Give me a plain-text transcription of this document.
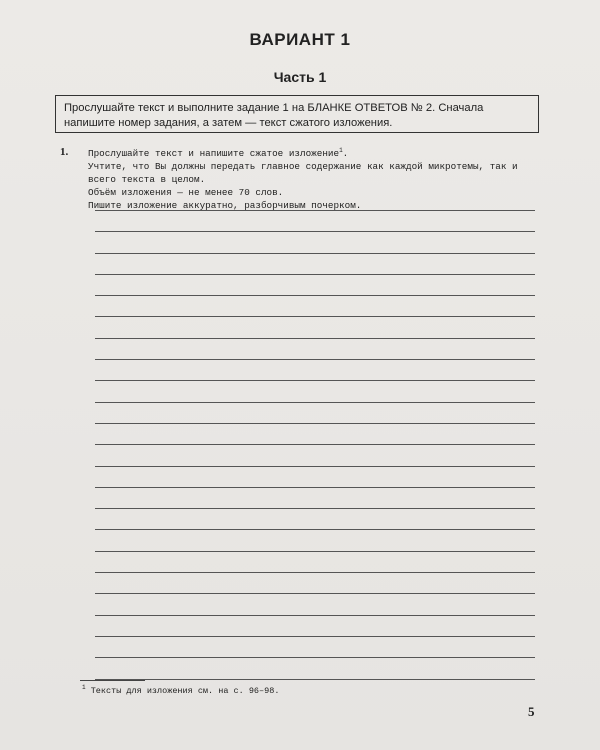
ВАРИАНТ 1
Часть 1
Прослушайте текст и выполните задание 1 на БЛАНКЕ ОТВЕТОВ № 2. Сначала напишите номер задания, а затем — текст сжатого изложения.
1. Прослушайте текст и напишите сжатое изложение$^1$.

Учтите, что Вы должны передать главное содержание как каждой микротемы, так и всего текста в целом.

Объём изложения — не менее 70 слов.

Пишите изложение аккуратно, разборчивым почерком.

$^1$ Тексты для изложения см. на с. 96–98.
5
